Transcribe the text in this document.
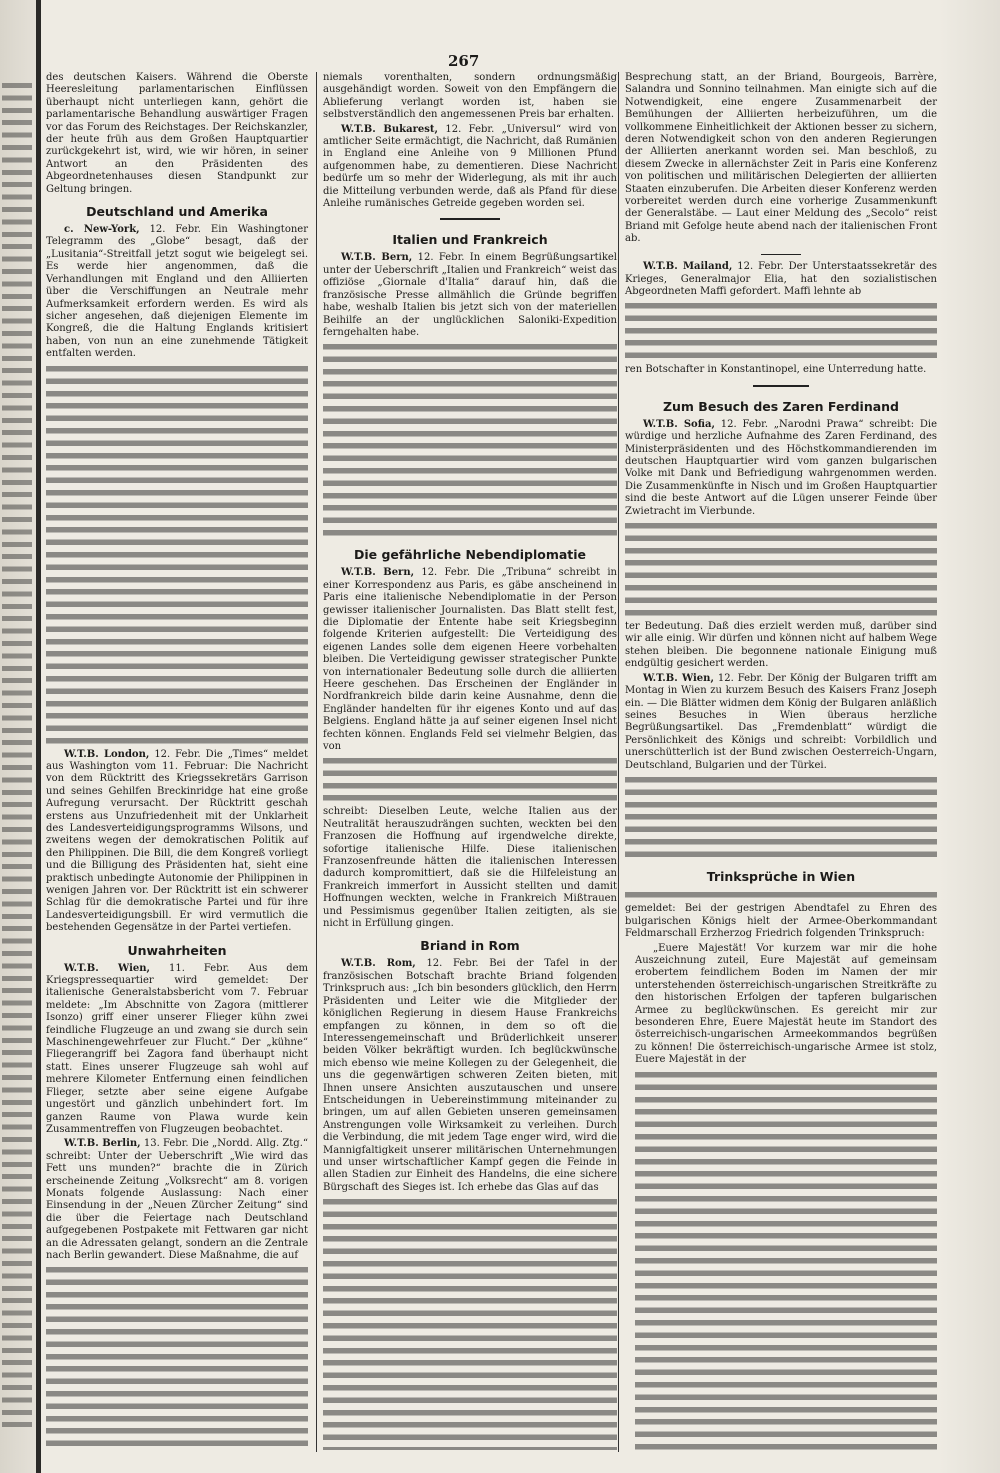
267
des deutschen Kaisers. Während die Oberste Heeresleitung parlamentarischen Einflüssen überhaupt nicht unterliegen kann, gehört die parlamentarische Behandlung auswärtiger Fragen vor das Forum des Reichstages. Der Reichskanzler, der heute früh aus dem Großen Hauptquartier zurückgekehrt ist, wird, wie wir hören, in seiner Antwort an den Präsidenten des Abgeordnetenhauses diesen Standpunkt zur Geltung bringen.
Deutschland und Amerika
c. New-York, 12. Febr. Ein Washingtoner Telegramm des „Globe“ besagt, daß der „Lusitania“-Streitfall jetzt sogut wie beigelegt sei. Es werde hier angenommen, daß die Verhandlungen mit England und den Alliierten über die Verschiffungen an Neutrale mehr Aufmerksamkeit erfordern werden. Es wird als sicher angesehen, daß diejenigen Elemente im Kongreß, die die Haltung Englands kritisiert haben, von nun an eine zunehmende Tätigkeit entfalten werden.
W.T.B. London, 12. Febr. Die „Times“ meldet aus Washington vom 11. Februar: Die Nachricht von dem Rücktritt des Kriegssekretärs Garrison und seines Gehilfen Breckinridge hat eine große Aufregung verursacht. Der Rücktritt geschah erstens aus Unzufriedenheit mit der Unklarheit des Landesverteidigungsprogramms Wilsons, und zweitens wegen der demokratischen Politik auf den Philippinen. Die Bill, die dem Kongreß vorliegt und die Billigung des Präsidenten hat, sieht eine praktisch unbedingte Autonomie der Philippinen in wenigen Jahren vor. Der Rücktritt ist ein schwerer Schlag für die demokratische Partei und für ihre Landesverteidigungsbill. Er wird vermutlich die bestehenden Gegensätze in der Partei vertiefen.
Unwahrheiten
W.T.B. Wien, 11. Febr. Aus dem Kriegspressequartier wird gemeldet: Der italienische Generalstabsbericht vom 7. Februar meldete: „Im Abschnitte von Zagora (mittlerer Isonzo) griff einer unserer Flieger kühn zwei feindliche Flugzeuge an und zwang sie durch sein Maschinengewehrfeuer zur Flucht.“ Der „kühne“ Fliegerangriff bei Zagora fand überhaupt nicht statt. Eines unserer Flugzeuge sah wohl auf mehrere Kilometer Entfernung einen feindlichen Flieger, setzte aber seine eigene Aufgabe ungestört und gänzlich unbehindert fort. Im ganzen Raume von Plawa wurde kein Zusammentreffen von Flugzeugen beobachtet.
W.T.B. Berlin, 13. Febr. Die „Nordd. Allg. Ztg.“ schreibt: Unter der Ueberschrift „Wie wird das Fett uns munden?“ brachte die in Zürich erscheinende Zeitung „Volksrecht“ am 8. vorigen Monats folgende Auslassung: Nach einer Einsendung in der „Neuen Zürcher Zeitung“ sind die über die Feiertage nach Deutschland aufgegebenen Postpakete mit Fettwaren gar nicht an die Adressaten gelangt, sondern an die Zentrale nach Berlin gewandert. Diese Maßnahme, die auf
niemals vorenthalten, sondern ordnungsmäßig ausgehändigt worden. Soweit von den Empfängern die Ablieferung verlangt worden ist, haben sie selbstverständlich den angemessenen Preis bar erhalten.
W.T.B. Bukarest, 12. Febr. „Universul“ wird von amtlicher Seite ermächtigt, die Nachricht, daß Rumänien in England eine Anleihe von 9 Millionen Pfund aufgenommen habe, zu dementieren. Diese Nachricht bedürfe um so mehr der Widerlegung, als mit ihr auch die Mitteilung verbunden werde, daß als Pfand für diese Anleihe rumänisches Getreide gegeben worden sei.
Italien und Frankreich
W.T.B. Bern, 12. Febr. In einem Begrüßungsartikel unter der Ueberschrift „Italien und Frankreich“ weist das offiziöse „Giornale d'Italia“ darauf hin, daß die französische Presse allmählich die Gründe begriffen habe, weshalb Italien bis jetzt sich von der materiellen Beihilfe an der unglücklichen Saloniki-Expedition ferngehalten habe.
Die gefährliche Nebendiplomatie
W.T.B. Bern, 12. Febr. Die „Tribuna“ schreibt in einer Korrespondenz aus Paris, es gäbe anscheinend in Paris eine italienische Nebendiplomatie in der Person gewisser italienischer Journalisten. Das Blatt stellt fest, die Diplomatie der Entente habe seit Kriegsbeginn folgende Kriterien aufgestellt: Die Verteidigung des eigenen Landes solle dem eigenen Heere vorbehalten bleiben. Die Verteidigung gewisser strategischer Punkte von internationaler Bedeutung solle durch die alliierten Heere geschehen. Das Erscheinen der Engländer in Nordfrankreich bilde darin keine Ausnahme, denn die Engländer handelten für ihr eigenes Konto und auf das Belgiens. England hätte ja auf seiner eigenen Insel nicht fechten können. Englands Feld sei vielmehr Belgien, das von
schreibt: Dieselben Leute, welche Italien aus der Neutralität herauszudrängen suchten, weckten bei den Franzosen die Hoffnung auf irgendwelche direkte, sofortige italienische Hilfe. Diese italienischen Franzosenfreunde hätten die italienischen Interessen dadurch kompromittiert, daß sie die Hilfeleistung an Frankreich immerfort in Aussicht stellten und damit Hoffnungen weckten, welche in Frankreich Mißtrauen und Pessimismus gegenüber Italien zeitigten, als sie nicht in Erfüllung gingen.
Briand in Rom
W.T.B. Rom, 12. Febr. Bei der Tafel in der französischen Botschaft brachte Briand folgenden Trinkspruch aus: „Ich bin besonders glücklich, den Herrn Präsidenten und Leiter wie die Mitglieder der königlichen Regierung in diesem Hause Frankreichs empfangen zu können, in dem so oft die Interessengemeinschaft und Brüderlichkeit unserer beiden Völker bekräftigt wurden. Ich beglückwünsche mich ebenso wie meine Kollegen zu der Gelegenheit, die uns die gegenwärtigen schweren Zeiten bieten, mit Ihnen unsere Ansichten auszutauschen und unsere Entscheidungen in Uebereinstimmung miteinander zu bringen, um auf allen Gebieten unseren gemeinsamen Anstrengungen volle Wirksamkeit zu verleihen. Durch die Verbindung, die mit jedem Tage enger wird, wird die Mannigfaltigkeit unserer militärischen Unternehmungen und unser wirtschaftlicher Kampf gegen die Feinde in allen Stadien zur Einheit des Handelns, die eine sichere Bürgschaft des Sieges ist. Ich erhebe das Glas auf das
Besprechung statt, an der Briand, Bourgeois, Barrère, Salandra und Sonnino teilnahmen. Man einigte sich auf die Notwendigkeit, eine engere Zusammenarbeit der Bemühungen der Alliierten herbeizuführen, um die vollkommene Einheitlichkeit der Aktionen besser zu sichern, deren Notwendigkeit schon von den anderen Regierungen der Alliierten anerkannt worden sei. Man beschloß, zu diesem Zwecke in allernächster Zeit in Paris eine Konferenz von politischen und militärischen Delegierten der alliierten Staaten einzuberufen. Die Arbeiten dieser Konferenz werden vorbereitet werden durch eine vorherige Zusammenkunft der Generalstäbe. — Laut einer Meldung des „Secolo“ reist Briand mit Gefolge heute abend nach der italienischen Front ab.
W.T.B. Mailand, 12. Febr. Der Unterstaatssekretär des Krieges, Generalmajor Elia, hat den sozialistischen Abgeordneten Maffi gefordert. Maffi lehnte ab
ren Botschafter in Konstantinopel, eine Unterredung hatte.
Zum Besuch des Zaren Ferdinand
W.T.B. Sofia, 12. Febr. „Narodni Prawa“ schreibt: Die würdige und herzliche Aufnahme des Zaren Ferdinand, des Ministerpräsidenten und des Höchstkommandierenden im deutschen Hauptquartier wird vom ganzen bulgarischen Volke mit Dank und Befriedigung wahrgenommen werden. Die Zusammenkünfte in Nisch und im Großen Hauptquartier sind die beste Antwort auf die Lügen unserer Feinde über Zwietracht im Vierbunde.
ter Bedeutung. Daß dies erzielt werden muß, darüber sind wir alle einig. Wir dürfen und können nicht auf halbem Wege stehen bleiben. Die begonnene nationale Einigung muß endgültig gesichert werden.
W.T.B. Wien, 12. Febr. Der König der Bulgaren trifft am Montag in Wien zu kurzem Besuch des Kaisers Franz Joseph ein. — Die Blätter widmen dem König der Bulgaren anläßlich seines Besuches in Wien überaus herzliche Begrüßungsartikel. Das „Fremdenblatt“ würdigt die Persönlichkeit des Königs und schreibt: Vorbildlich und unerschütterlich ist der Bund zwischen Oesterreich-Ungarn, Deutschland, Bulgarien und der Türkei.
Trinksprüche in Wien
gemeldet: Bei der gestrigen Abendtafel zu Ehren des bulgarischen Königs hielt der Armee-Oberkommandant Feldmarschall Erzherzog Friedrich folgenden Trinkspruch:
„Euere Majestät! Vor kurzem war mir die hohe Auszeichnung zuteil, Eure Majestät auf gemeinsam erobertem feindlichem Boden im Namen der mir unterstehenden österreichisch-ungarischen Streitkräfte zu den historischen Erfolgen der tapferen bulgarischen Armee zu beglückwünschen. Es gereicht mir zur besonderen Ehre, Euere Majestät heute im Standort des österreichisch-ungarischen Armeekommandos begrüßen zu können! Die österreichisch-ungarische Armee ist stolz, Euere Majestät in der
